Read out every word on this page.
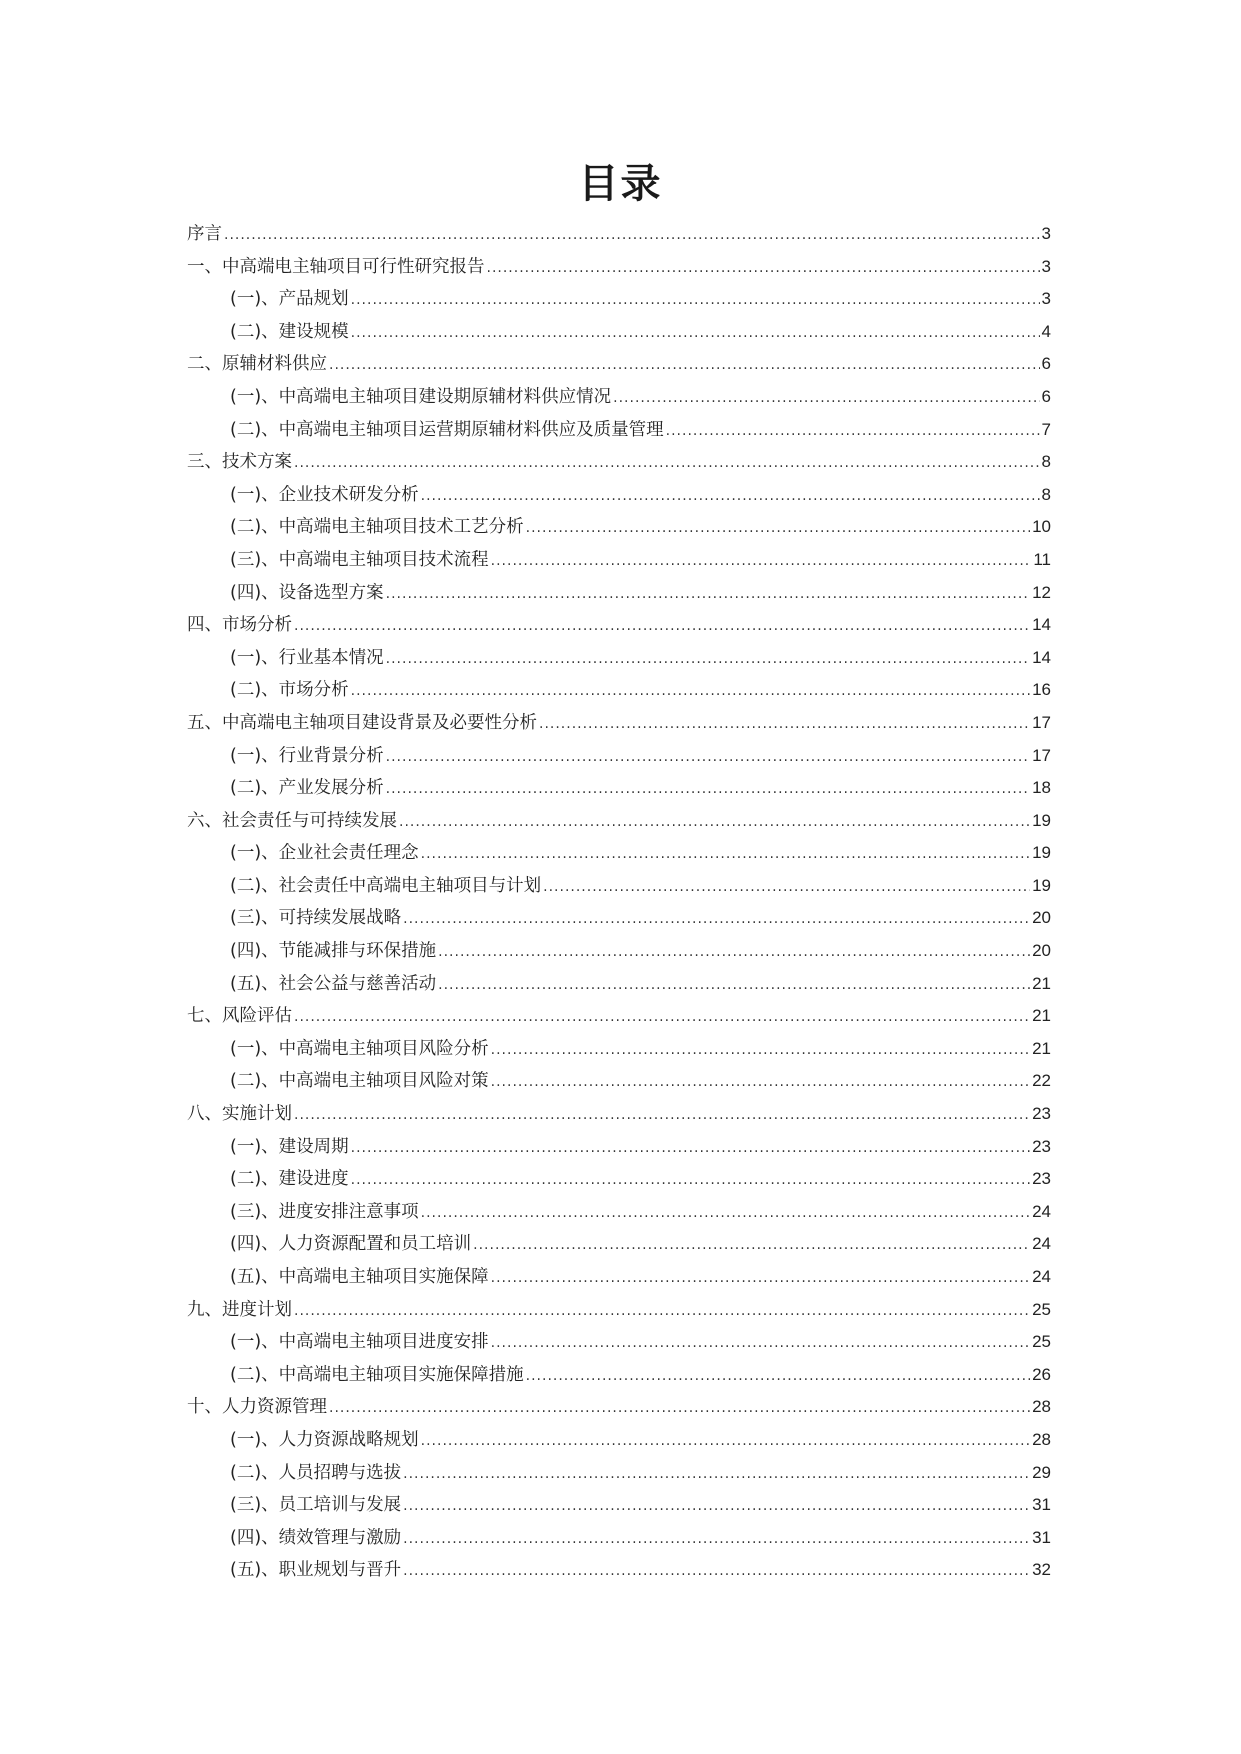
目录
序言 .....	3
一、中高端电主轴项目可行性研究报告 .....	3
(一)、产品规划 .....	3
(二)、建设规模 .....	4
二、原辅材料供应 .....	6
(一)、中高端电主轴项目建设期原辅材料供应情况 .....	6
(二)、中高端电主轴项目运营期原辅材料供应及质量管理 .....	7
三、技术方案 .....	8
(一)、企业技术研发分析 .....	8
(二)、中高端电主轴项目技术工艺分析 .....	10
(三)、中高端电主轴项目技术流程 .....	11
(四)、设备选型方案 .....	12
四、市场分析 .....	14
(一)、行业基本情况 .....	14
(二)、市场分析 .....	16
五、中高端电主轴项目建设背景及必要性分析 .....	17
(一)、行业背景分析 .....	17
(二)、产业发展分析 .....	18
六、社会责任与可持续发展 .....	19
(一)、企业社会责任理念 .....	19
(二)、社会责任中高端电主轴项目与计划 .....	19
(三)、可持续发展战略 .....	20
(四)、节能减排与环保措施 .....	20
(五)、社会公益与慈善活动 .....	21
七、风险评估 .....	21
(一)、中高端电主轴项目风险分析 .....	21
(二)、中高端电主轴项目风险对策 .....	22
八、实施计划 .....	23
(一)、建设周期 .....	23
(二)、建设进度 .....	23
(三)、进度安排注意事项 .....	24
(四)、人力资源配置和员工培训 .....	24
(五)、中高端电主轴项目实施保障 .....	24
九、进度计划 .....	25
(一)、中高端电主轴项目进度安排 .....	25
(二)、中高端电主轴项目实施保障措施 .....	26
十、人力资源管理 .....	28
(一)、人力资源战略规划 .....	28
(二)、人员招聘与选拔 .....	29
(三)、员工培训与发展 .....	31
(四)、绩效管理与激励 .....	31
(五)、职业规划与晋升 .....	32
